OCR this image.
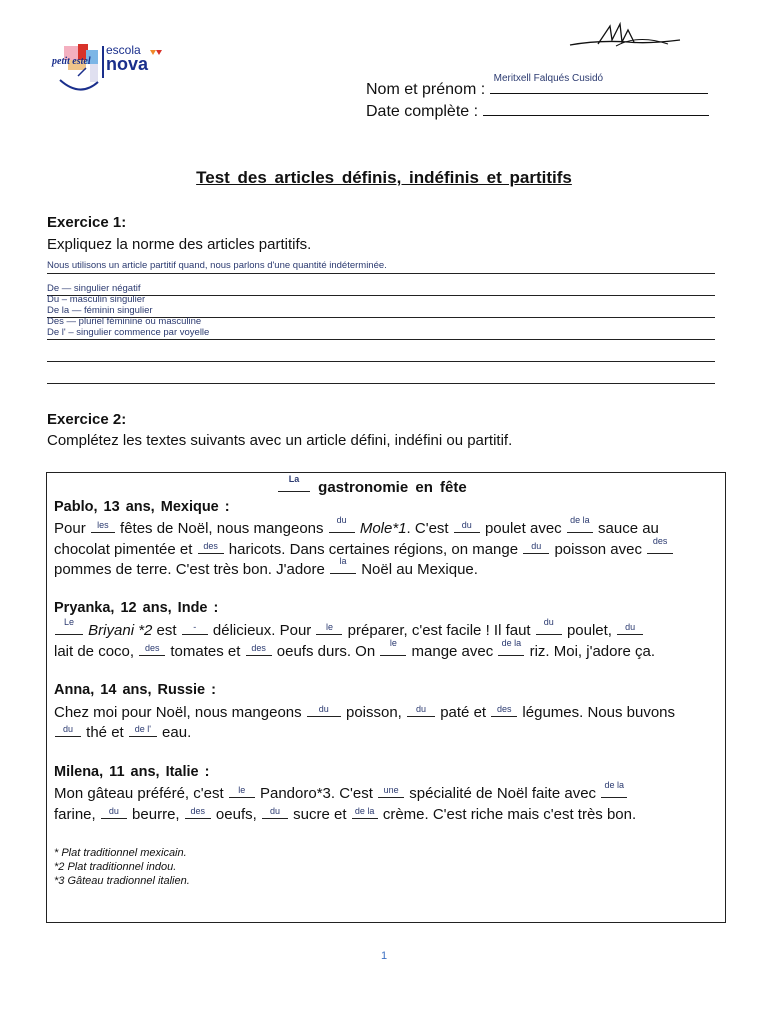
petit estel
escola
nova
Nom et prénom :
Meritxell Falqués Cusidó
Date complète :
Test des articles définis, indéfinis et partitifs
Exercice 1:
Expliquez la norme des articles partitifs.
Nous utilisons un article partitif quand, nous parlons d'une quantité indéterminée.
De — singulier négatif
Du – masculin singulier
De la — féminin singulier
Des — pluriel féminine ou masculine
De l' – singulier commence par voyelle
Exercice 2:
Complétez les textes suivants avec un article défini, indéfini ou partitif.
La	gastronomie en fête
Pablo, 13 ans, Mexique :
Pour	les fêtes de Noël, nous mangeons	du Mole*1. C'est	du poulet avec de la sauce au
chocolat pimentée et	des haricots. Dans certaines régions, on mange	du poisson avec	des
pommes de terre. C'est très bon. J'adore	la Noël au Mexique.
Pryanka, 12 ans, Inde :
Le Briyani *2 est	-	délicieux. Pour	le préparer, c'est facile ! Il faut	du poulet,	du
lait de coco,	des tomates et	des oeufs durs. On	le mange avec de la riz. Moi, j'adore ça.
Anna, 14 ans, Russie :
Chez moi pour Noël, nous mangeons	du	poisson,	du paté et	des légumes. Nous buvons
du thé et	de l' eau.
Milena, 11 ans, Italie :
Mon gâteau préféré, c'est	le Pandoro*3. C'est	une spécialité de Noël faite avec de la
farine,	du beurre,	des oeufs,	du sucre et de la crème. C'est riche mais c'est très bon.
* Plat traditionnel mexicain.
*2 Plat traditionnel indou.
*3 Gâteau tradionnel italien.
1
